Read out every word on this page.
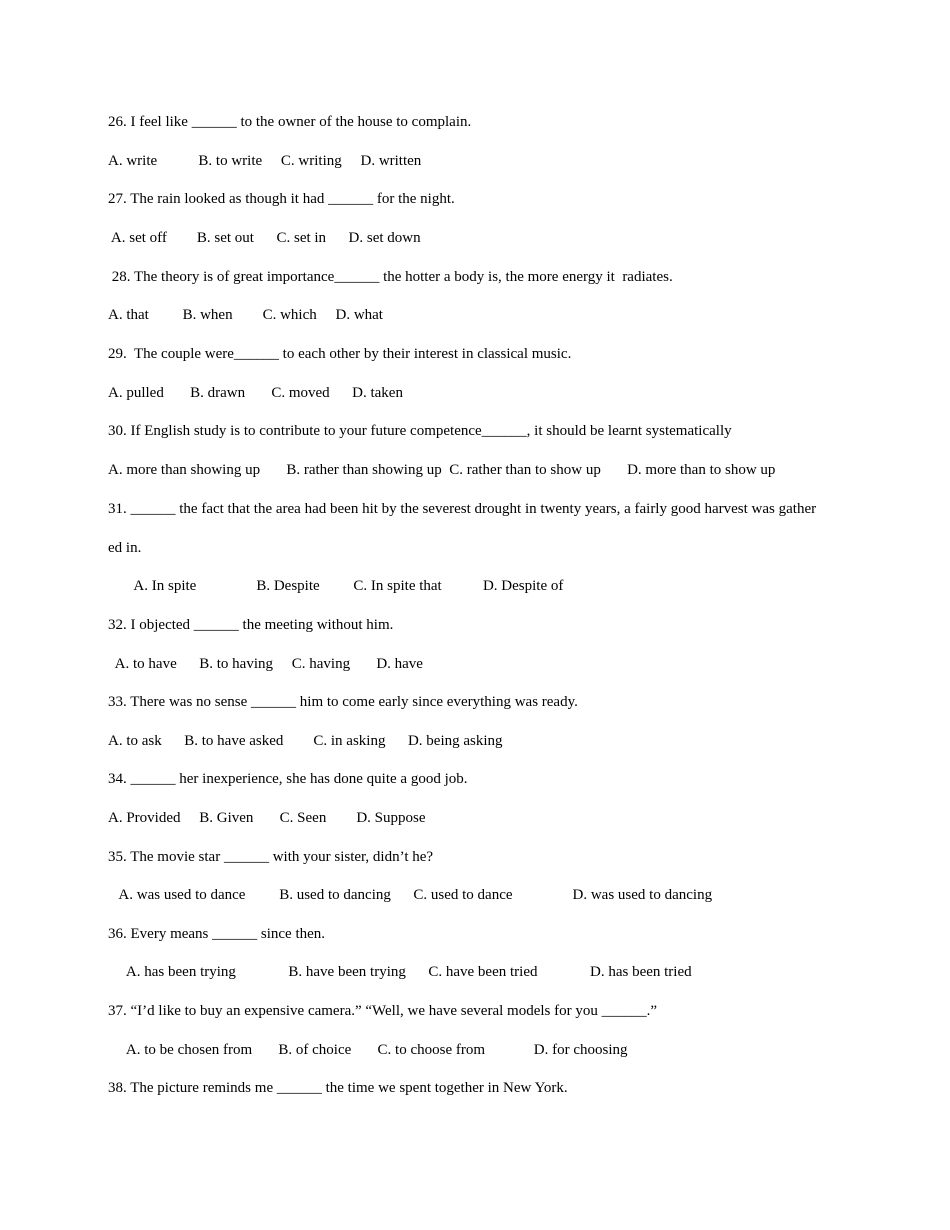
26. I feel like ______ to the owner of the house to complain.
A. write           B. to write     C. writing     D. written
27. The rain looked as though it had ______ for the night.
A. set off        B. set out      C. set in      D. set down
28. The theory is of great importance______ the hotter a body is, the more energy it  radiates.
A. that         B. when        C. which     D. what
29.  The couple were______ to each other by their interest in classical music.
A. pulled       B. drawn       C. moved      D. taken
30. If English study is to contribute to your future competence______, it should be learnt systematically
A. more than showing up       B. rather than showing up  C. rather than to show up       D. more than to show up
31. ______ the fact that the area had been hit by the severest drought in twenty years, a fairly good harvest was gather
ed in.
A. In spite                B. Despite         C. In spite that           D. Despite of
32. I objected ______ the meeting without him.
A. to have      B. to having     C. having       D. have
33. There was no sense ______ him to come early since everything was ready.
A. to ask      B. to have asked        C. in asking      D. being asking
34. ______ her inexperience, she has done quite a good job.
A. Provided     B. Given       C. Seen        D. Suppose
35. The movie star ______ with your sister, didn’t he?
A. was used to dance         B. used to dancing      C. used to dance                D. was used to dancing
36. Every means ______ since then.
A. has been trying              B. have been trying      C. have been tried              D. has been tried
37. “I’d like to buy an expensive camera.” “Well, we have several models for you ______.”
A. to be chosen from       B. of choice       C. to choose from             D. for choosing
38. The picture reminds me ______ the time we spent together in New York.
